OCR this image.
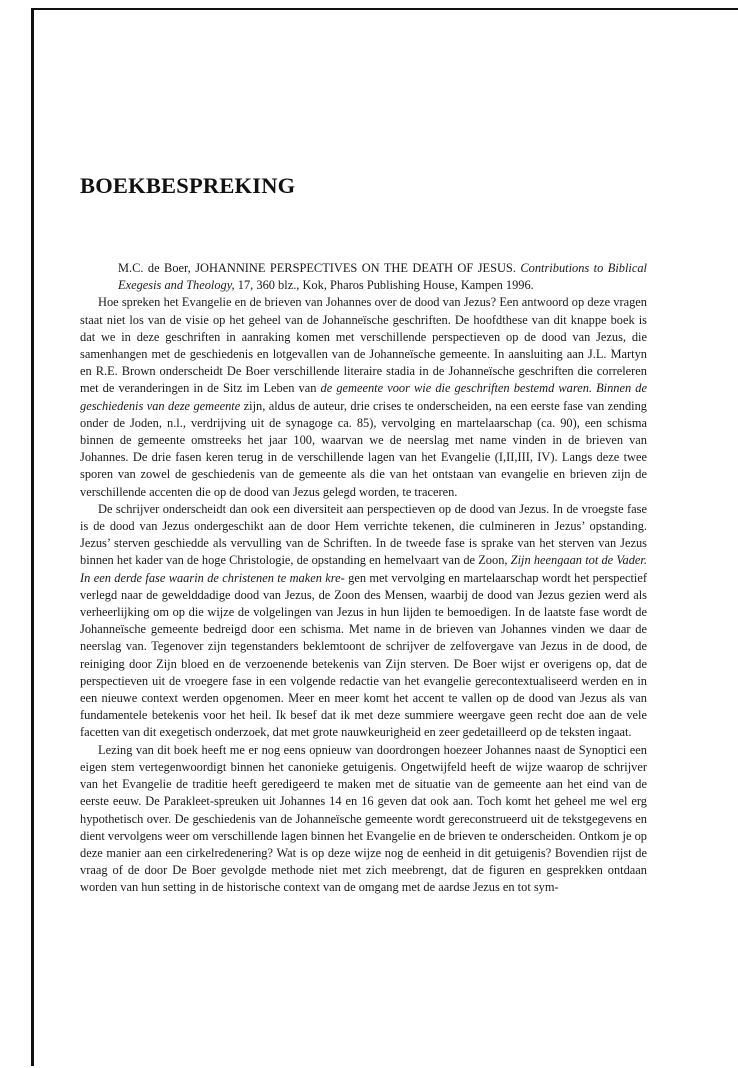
BOEKBESPREKING

M.C. de Boer, JOHANNINE PERSPECTIVES ON THE DEATH OF JESUS. Contributions to Biblical Exegesis and Theology, 17, 360 blz., Kok, Pharos Publishing House, Kampen 1996.

Hoe spreken het Evangelie en de brieven van Johannes over de dood van Jezus? Een antwoord op deze vragen staat niet los van de visie op het geheel van de Johanneïsche geschriften. De hoofdthese van dit knappe boek is dat we in deze geschriften in aanraking komen met verschillende perspectieven op de dood van Jezus, die samenhangen met de geschiedenis en lotgevallen van de Johanneïsche gemeente. In aansluiting aan J.L. Martyn en R.E. Brown onderscheidt De Boer verschillende literaire stadia in de Johanneïsche geschriften die correleren met de veranderingen in de Sitz im Leben van de gemeente voor wie die geschriften bestemd waren. Binnen de geschiedenis van deze gemeente zijn, aldus de auteur, drie crises te onderscheiden, na een eerste fase van zending onder de Joden, n.l., verdrijving uit de synagoge ca. 85), vervolging en martelaarschap (ca. 90), een schisma binnen de gemeente omstreeks het jaar 100, waarvan we de neerslag met name vinden in de brieven van Johannes. De drie fasen keren terug in de verschillende lagen van het Evangelie (I,II,III, IV). Langs deze twee sporen van zowel de geschiedenis van de gemeente als die van het ontstaan van evangelie en brieven zijn de verschillende accenten die op de dood van Jezus gelegd worden, te traceren.

De schrijver onderscheidt dan ook een diversiteit aan perspectieven op de dood van Jezus. In de vroegste fase is de dood van Jezus ondergeschikt aan de door Hem verrichte tekenen, die culmineren in Jezus’ opstanding. Jezus’ sterven geschiedde als vervulling van de Schriften. In de tweede fase is sprake van het sterven van Jezus binnen het kader van de hoge Christologie, de opstanding en hemelvaart van de Zoon, Zijn heengaan tot de Vader. In een derde fase waarin de christenen te maken kre- gen met vervolging en martelaarschap wordt het perspectief verlegd naar de gewelddadige dood van Jezus, de Zoon des Mensen, waarbij de dood van Jezus gezien werd als verheerlijking om op die wijze de volgelingen van Jezus in hun lijden te bemoedigen. In de laatste fase wordt de Johanneïsche gemeente bedreigd door een schisma. Met name in de brieven van Johannes vinden we daar de neerslag van. Tegenover zijn tegenstanders beklemtoont de schrijver de zelfovergave van Jezus in de dood, de reiniging door Zijn bloed en de verzoenende betekenis van Zijn sterven. De Boer wijst er overigens op, dat de perspectieven uit de vroegere fase in een volgende redactie van het evangelie gerecontextualiseerd werden en in een nieuwe context werden opgenomen. Meer en meer komt het accent te vallen op de dood van Jezus als van fundamentele betekenis voor het heil. Ik besef dat ik met deze summiere weergave geen recht doe aan de vele facetten van dit exegetisch onderzoek, dat met grote nauwkeurigheid en zeer gedetailleerd op de teksten ingaat.

Lezing van dit boek heeft me er nog eens opnieuw van doordrongen hoezeer Johannes naast de Synoptici een eigen stem vertegenwoordigt binnen het canonieke getuigenis. Ongetwijfeld heeft de wijze waarop de schrijver van het Evangelie de traditie heeft geredigeerd te maken met de situatie van de gemeente aan het eind van de eerste eeuw. De Parakleet-spreuken uit Johannes 14 en 16 geven dat ook aan. Toch komt het geheel me wel erg hypothetisch over. De geschiedenis van de Johanneïsche gemeente wordt gereconstrueerd uit de tekstgegevens en dient vervolgens weer om verschillende lagen binnen het Evangelie en de brieven te onderscheiden. Ontkom je op deze manier aan een cirkelredenering? Wat is op deze wijze nog de eenheid in dit getuigenis? Bovendien rijst de vraag of de door De Boer gevolgde methode niet met zich meebrengt, dat de figuren en gesprekken ontdaan worden van hun setting in de historische context van de omgang met de aardse Jezus en tot sym-
